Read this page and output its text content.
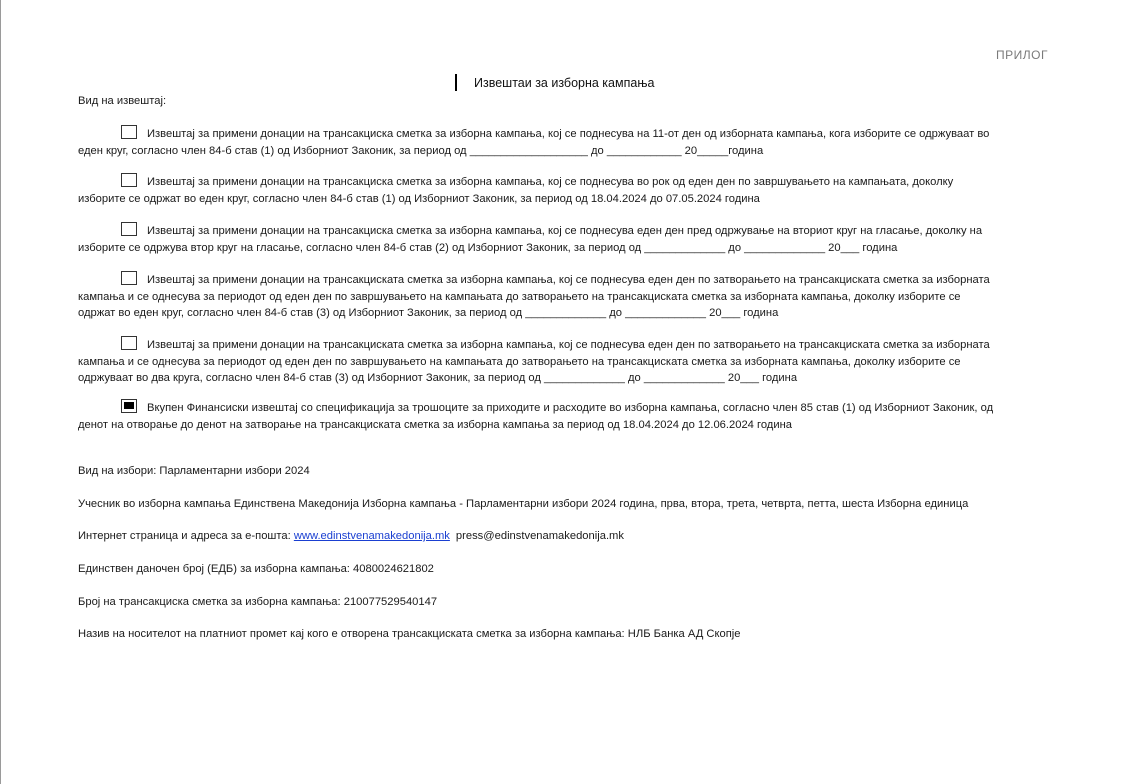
ПРИЛОГ
Извештаи за изборна кампања
Вид на извештај:
Извештај за примени донации на трансакциска сметка за изборна кампања, кој се поднесува на 11-от ден од изборната кампања, кога изборите се одржуваат во
еден круг, согласно член 84-б став (1) од Изборниот Законик, за период од ___________________ до ____________ 20_____година
Извештај за примени донации на трансакциска сметка за изборна кампања, кој се поднесува во рок од еден ден по завршувањето на кампањата, доколку
изборите се одржат во еден круг, согласно член 84-б став (1) од Изборниот Законик, за период од 18.04.2024 до 07.05.2024 година
Извештај за примени донации на трансакциска сметка за изборна кампања, кој се поднесува еден ден пред одржување на вториот круг на гласање, доколку на
изборите се одржува втор круг на гласање, согласно член 84-б став (2) од Изборниот Законик, за период од _____________ до _____________ 20___ година
Извештај за примени донации на трансакциската сметка за изборна кампања, кој се поднесува еден ден по затворањето на трансакциската сметка за изборната
кампања и се однесува за периодот од еден ден по завршувањето на кампањата до затворањето на трансакциската сметка за изборната кампања, доколку изборите се
одржат во еден круг, согласно член 84-б став (3) од Изборниот Законик, за период од _____________ до _____________ 20___ година
Извештај за примени донации на трансакциската сметка за изборна кампања, кој се поднесува еден ден по затворањето на трансакциската сметка за изборната
кампања и се однесува за периодот од еден ден по завршувањето на кампањата до затворањето на трансакциската сметка за изборната кампања, доколку изборите се
одржуваат во два круга, согласно член 84-б став (3) од Изборниот Законик, за период од _____________ до _____________ 20___ година
Вкупен Финансиски извештај со спецификација за трошоците за приходите и расходите во изборна кампања, согласно член 85 став (1) од Изборниот Законик, од
денот на отворање до денот на затворање на трансакциската сметка за изборна кампања за период од 18.04.2024 до 12.06.2024 година
Вид на избори: Парламентарни избори 2024
Учесник во изборна кампања Единствена Македонија Изборна кампања - Парламентарни избори 2024 година, прва, втора, трета, четврта, петта, шеста Изборна единица
Интернет страница и адреса за е-пошта: www.edinstvenamakedonija.mk press@edinstvenamakedonija.mk
Единствен даночен број (ЕДБ) за изборна кампања: 4080024621802
Број на трансакциска сметка за изборна кампања: 210077529540147
Назив на носителот на платниот промет кај кого е отворена трансакциската сметка за изборна кампања: НЛБ Банка АД Скопје
